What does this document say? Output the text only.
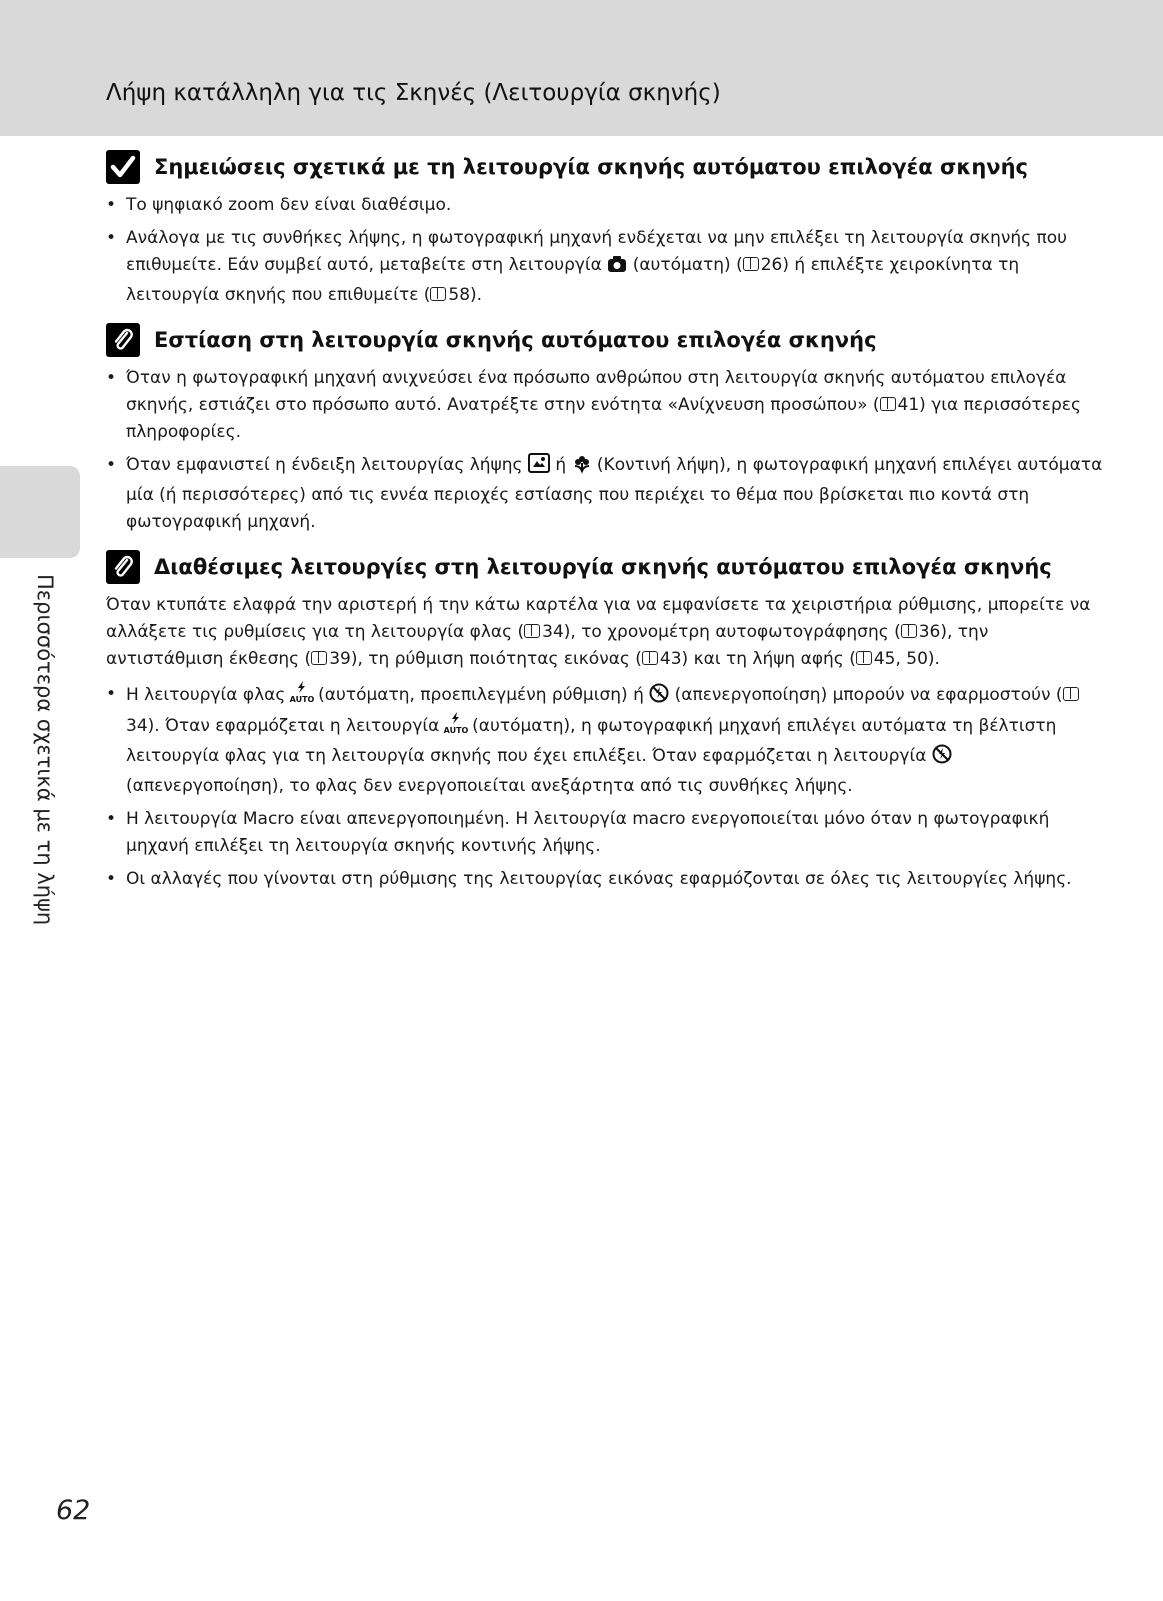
Λήψη κατάλληλη για τις Σκηνές (Λειτουργία σκηνής)
Περισσότερα σχετικά με τη λήψη
Σημειώσεις σχετικά με τη λειτουργία σκηνής αυτόματου επιλογέα σκηνής
• Το ψηφιακό zoom δεν είναι διαθέσιμο.
• Ανάλογα με τις συνθήκες λήψης, η φωτογραφική μηχανή ενδέχεται να μην επιλέξει τη λειτουργία σκηνής που επιθυμείτε. Εάν συμβεί αυτό, μεταβείτε στη λειτουργία (αυτόματη) ( 26) ή επιλέξτε χειροκίνητα τη λειτουργία σκηνής που επιθυμείτε ( 58).
Εστίαση στη λειτουργία σκηνής αυτόματου επιλογέα σκηνής
• Όταν η φωτογραφική μηχανή ανιχνεύσει ένα πρόσωπο ανθρώπου στη λειτουργία σκηνής αυτόματου επιλογέα σκηνής, εστιάζει στο πρόσωπο αυτό. Ανατρέξτε στην ενότητα «Ανίχνευση προσώπου» ( 41) για περισσότερες πληροφορίες.
• Όταν εμφανιστεί η ένδειξη λειτουργίας λήψης ή (Κοντινή λήψη), η φωτογραφική μηχανή επιλέγει αυτόματα μία (ή περισσότερες) από τις εννέα περιοχές εστίασης που περιέχει το θέμα που βρίσκεται πιο κοντά στη φωτογραφική μηχανή.
Διαθέσιμες λειτουργίες στη λειτουργία σκηνής αυτόματου επιλογέα σκηνής

Όταν κτυπάτε ελαφρά την αριστερή ή την κάτω καρτέλα για να εμφανίσετε τα χειριστήρια ρύθμισης, μπορείτε να αλλάξετε τις ρυθμίσεις για τη λειτουργία φλας ( 34), το χρονομέτρη αυτοφωτογράφησης ( 36), την αντιστάθμιση έκθεσης ( 39), τη ρύθμιση ποιότητας εικόνας ( 43) και τη λήψη αφής ( 45, 50).

• Η λειτουργία φλας AUTO (αυτόματη, προεπιλεγμένη ρύθμιση) ή (απενεργοποίηση) μπορούν να εφαρμοστούν (34). Όταν εφαρμόζεται η λειτουργία AUTO (αυτόματη), η φωτογραφική μηχανή επιλέγει αυτόματα τη βέλτιστη λειτουργία φλας για τη λειτουργία σκηνής που έχει επιλέξει. Όταν εφαρμόζεται η λειτουργία  (απενεργοποίηση), το φλας δεν ενεργοποιείται ανεξάρτητα από τις συνθήκες λήψης.
• Η λειτουργία Macro είναι απενεργοποιημένη. Η λειτουργία macro ενεργοποιείται μόνο όταν η φωτογραφική μηχανή επιλέξει τη λειτουργία σκηνής κοντινής λήψης.
• Οι αλλαγές που γίνονται στη ρύθμισης της λειτουργίας εικόνας εφαρμόζονται σε όλες τις λειτουργίες λήψης.
62
